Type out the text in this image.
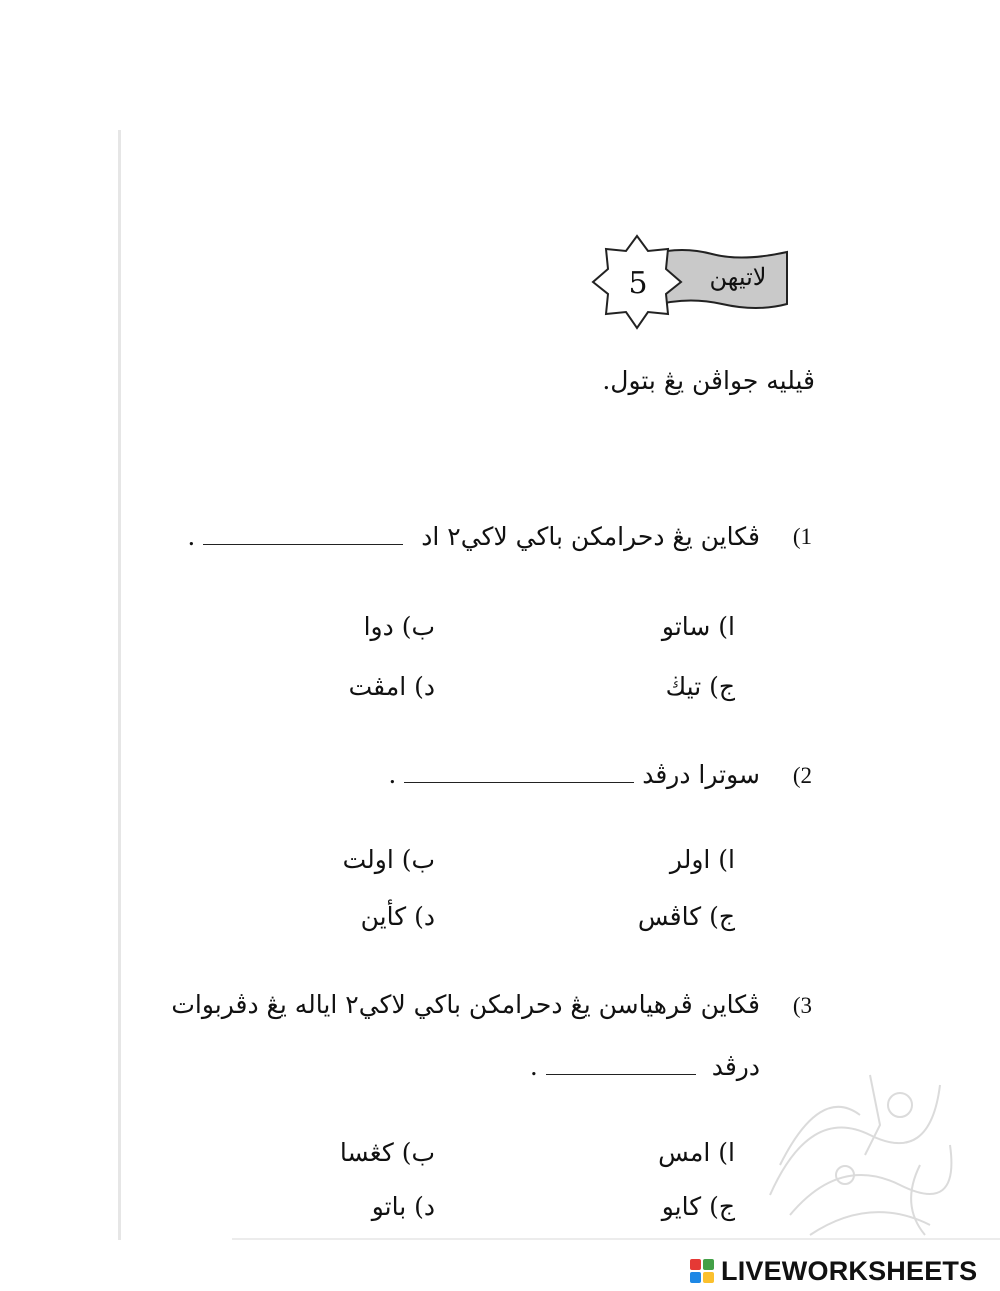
لاتيهن
5
ڤيليه جواڤن يڠ بتول.
(1
ڤكاين يڠ دحرامكن باکي لاکي٢ اد  .
ا) ساتو
ب) دوا
ج) تيڬ
د) امڤت
(2
سوترا درڤد  .
ا) اولر
ب) اولت
ج) كاڤس
د) كأين
(3
ڤكاين ڤرهياسن يڠ دحرامكن باکي لاکي٢ اياله يڠ دڤربوات
درڤد  .
ا) امس
ب) كڠسا
ج) كايو
د) باتو
LIVEWORKSHEETS
